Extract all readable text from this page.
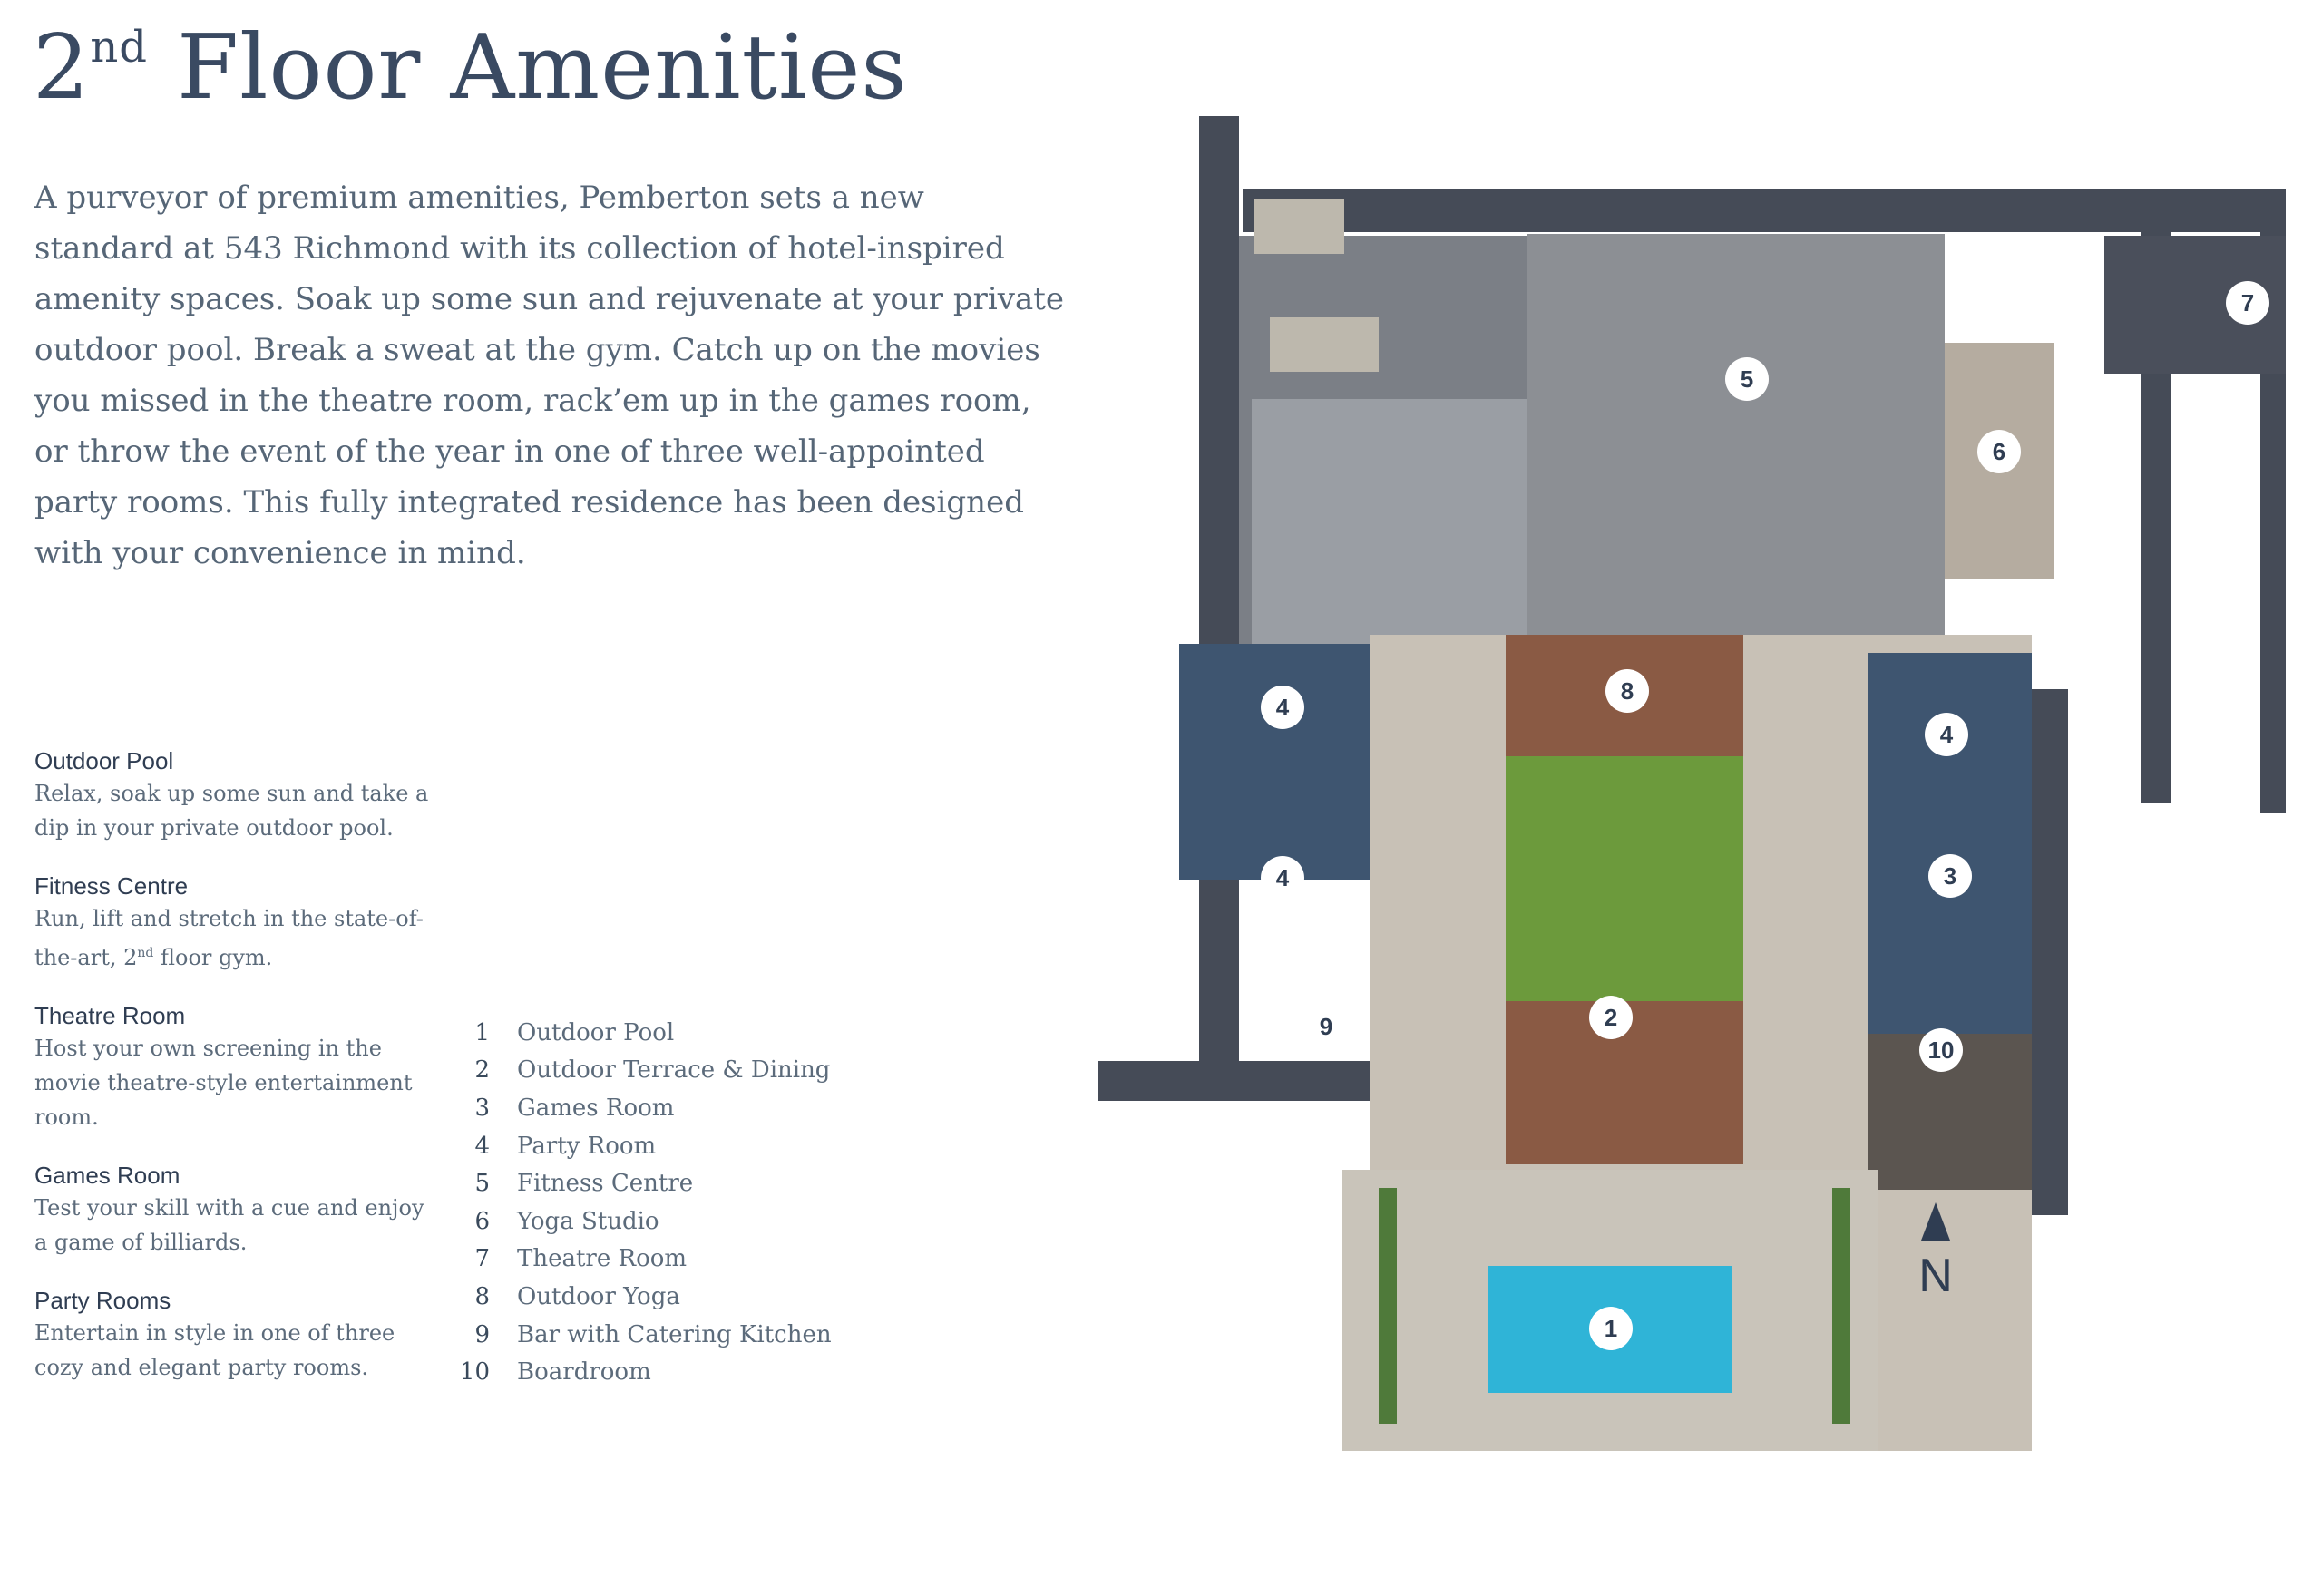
2nd Floor Amenities

A purveyor of premium amenities, Pemberton sets a new standard at 543 Richmond with its collection of hotel-inspired amenity spaces. Soak up some sun and rejuvenate at your private outdoor pool. Break a sweat at the gym. Catch up on the movies you missed in the theatre room, rack’em up in the games room, or throw the event of the year in one of three well-appointed party rooms. This fully integrated residence has been designed with your convenience in mind.

Outdoor Pool

Relax, soak up some sun and take a dip in your private outdoor pool.

Fitness Centre

Run, lift and stretch in the state-of-the-art, 2nd floor gym.

Theatre Room

Host your own screening in the movie theatre-style entertainment room.

Games Room

Test your skill with a cue and enjoy a game of billiards.

Party Rooms

Entertain in style in one of three cozy and elegant party rooms.

1 Outdoor Pool
2 Outdoor Terrace & Dining
3 Games Room
4 Party Room
5 Fitness Centre
6 Yoga Studio
7 Theatre Room
8 Outdoor Yoga
9 Bar with Catering Kitchen
10 Boardroom
N
1
2
3
4
4
4
5
6
7
8
9
10
